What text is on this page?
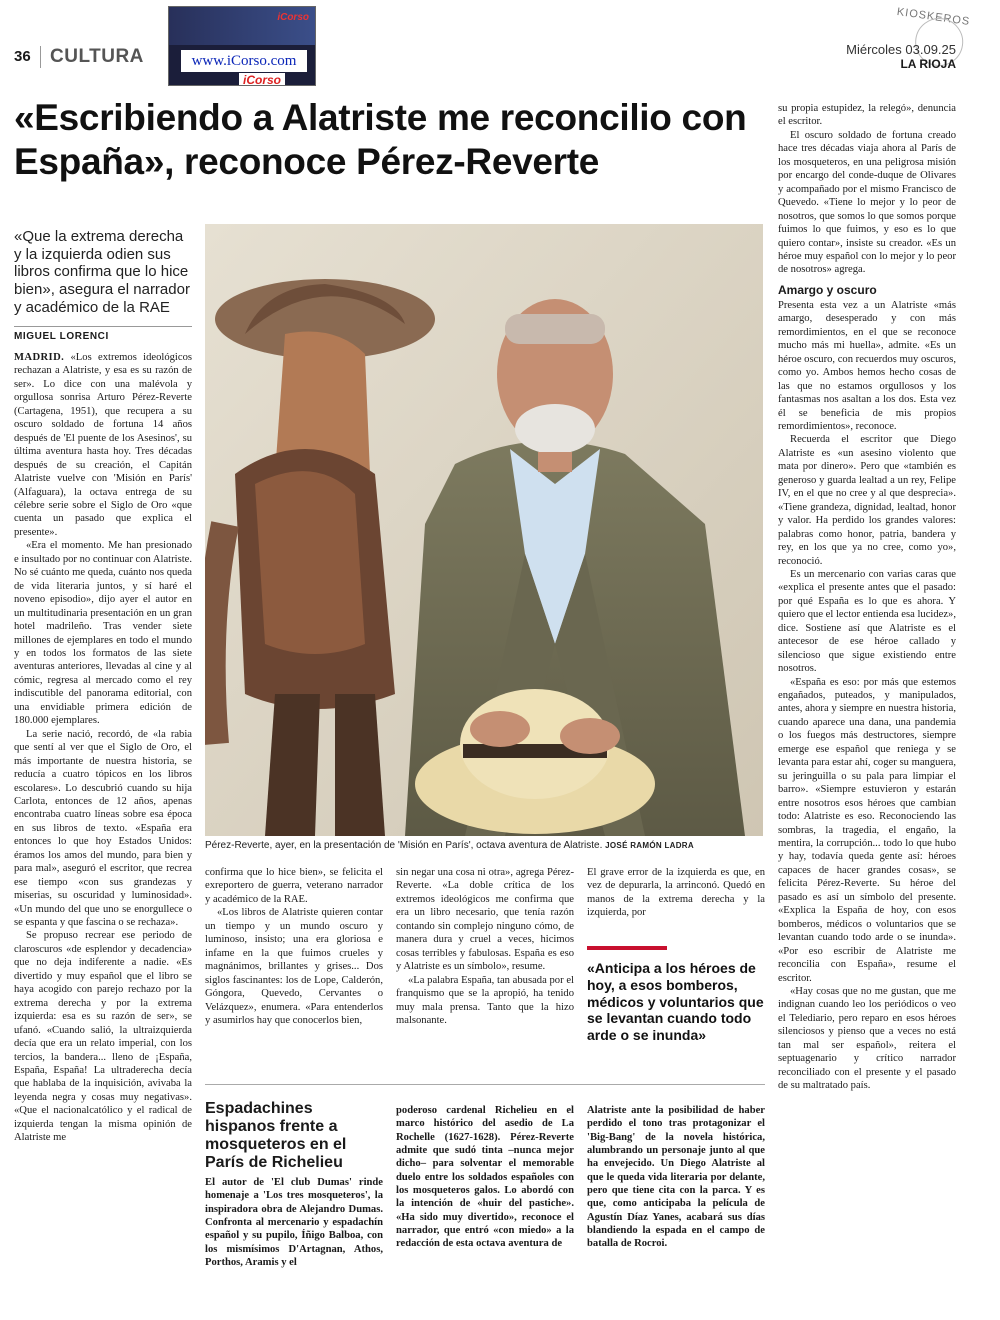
36 CULTURA
iCorso
www.iCorso.com
iCorso
KIOSKEROS
Miércoles 03.09.25
LA RIOJA
«Escribiendo a Alatriste me reconcilio con España», reconoce Pérez-Reverte
«Que la extrema derecha y la izquierda odien sus libros confirma que lo hice bien», asegura el narrador y académico de la RAE
MIGUEL LORENCI

MADRID. «Los extremos ideológicos rechazan a Alatriste, y esa es su razón de ser». Lo dice con una malévola y orgullosa sonrisa Arturo Pérez-Reverte (Cartagena, 1951), que recupera a su oscuro soldado de fortuna 14 años después de 'El puente de los Asesinos', su última aventura hasta hoy. Tres décadas después de su creación, el Capitán Alatriste vuelve con 'Misión en París' (Alfaguara), la octava entrega de su célebre serie sobre el Siglo de Oro «que cuenta un pasado que explica el presente».

«Era el momento. Me han presionado e insultado por no continuar con Alatriste. No sé cuánto me queda, cuánto nos queda de vida literaria juntos, y sí haré el noveno episodio», dijo ayer el autor en un multitudinaria presentación en un gran hotel madrileño. Tras vender siete millones de ejemplares en todo el mundo y en todos los formatos de las siete aventuras anteriores, llevadas al cine y al cómic, regresa al mercado como el rey indiscutible del panorama editorial, con una envidiable primera edición de 180.000 ejemplares.

La serie nació, recordó, de «la rabia que sentí al ver que el Siglo de Oro, el más importante de nuestra historia, se reducía a cuatro tópicos en los libros escolares». Lo descubrió cuando su hija Carlota, entonces de 12 años, apenas encontraba cuatro líneas sobre esa época en sus libros de texto. «España era entonces lo que hoy Estados Unidos: éramos los amos del mundo, para bien y para mal», aseguró el escritor, que recrea ese tiempo «con sus grandezas y miserias, su oscuridad y luminosidad». «Un mundo del que uno se enorgullece o se espanta y que fascina o se rechaza».

Se propuso recrear ese periodo de claroscuros «de esplendor y decadencia» que no deja indiferente a nadie. «Es divertido y muy español que el libro se haya acogido con parejo rechazo por la extrema derecha y por la extrema izquierda: esa es su razón de ser», se ufanó. «Cuando salió, la ultraizquierda decía que era un relato imperial, con los tercios, la bandera... lleno de ¡España, España, España! La ultraderecha decía que hablaba de la inquisición, avivaba la leyenda negra y cosas muy negativas». «Que el nacionalcatólico y el radical de izquierda tengan la misma opinión de Alatriste me

Pérez-Reverte, ayer, en la presentación de 'Misión en París', octava aventura de Alatriste. JOSÉ RAMÓN LADRA

confirma que lo hice bien», se felicita el exreportero de guerra, veterano narrador y académico de la RAE.

«Los libros de Alatriste quieren contar un tiempo y un mundo oscuro y luminoso, insisto; una era gloriosa e infame en la que fuimos crueles y magnánimos, brillantes y grises... Dos siglos fascinantes: los de Lope, Calderón, Góngora, Quevedo, Cervantes o Velázquez», enumera. «Para entenderlos y asumirlos hay que conocerlos bien,

sin negar una cosa ni otra», agrega Pérez-Reverte. «La doble crítica de los extremos ideológicos me confirma que era un libro necesario, que tenía razón contando sin complejo ninguno cómo, de manera dura y cruel a veces, hicimos cosas terribles y fabulosas. España es eso y Alatriste es un símbolo», resume.

«La palabra España, tan abusada por el franquismo que se la apropió, ha tenido muy mala prensa. Tanto que la hizo malsonante.

El grave error de la izquierda es que, en vez de depurarla, la arrinconó. Quedó en manos de la extrema derecha y la izquierda, por

«Anticipa a los héroes de hoy, a esos bomberos, médicos y voluntarios que se levantan cuando todo arde o se inunda»

su propia estupidez, la relegó», denuncia el escritor.

El oscuro soldado de fortuna creado hace tres décadas viaja ahora al París de los mosqueteros, en una peligrosa misión por encargo del conde-duque de Olivares y acompañado por el mismo Francisco de Quevedo. «Tiene lo mejor y lo peor de nosotros, que somos lo que somos porque fuimos lo que fuimos, y eso es lo que quiero contar», insiste su creador. «Es un héroe muy español con lo mejor y lo peor de nosotros» agrega.

Amargo y oscuro

Presenta esta vez a un Alatriste «más amargo, desesperado y con más remordimientos, en el que se reconoce mucho más mi huella», admite. «Es un héroe oscuro, con recuerdos muy oscuros, como yo. Ambos hemos hecho cosas de las que no estamos orgullosos y los fantasmas nos asaltan a los dos. Esta vez él se beneficia de mis propios remordimientos», reconoce.

Recuerda el escritor que Diego Alatriste es «un asesino violento que mata por dinero». Pero que «también es generoso y guarda lealtad a un rey, Felipe IV, en el que no cree y al que desprecia». «Tiene grandeza, dignidad, lealtad, honor y valor. Ha perdido los grandes valores: palabras como honor, patria, bandera y rey, en los que ya no cree, como yo», reconoció.

Es un mercenario con varias caras que «explica el presente antes que el pasado: por qué España es lo que es ahora. Y quiero que el lector entienda esa lucidez», dice. Sostiene así que Alatriste es el antecesor de ese héroe callado y silencioso que sigue existiendo entre nosotros.

«España es eso: por más que estemos engañados, puteados, y manipulados, antes, ahora y siempre en nuestra historia, cuando aparece una dana, una pandemia o los fuegos más destructores, siempre emerge ese español que reniega y se levanta para estar ahí, coger su manguera, su jeringuilla o su pala para limpiar el barro». «Siempre estuvieron y estarán entre nosotros esos héroes que cambian todo: Alatriste es eso. Reconociendo las sombras, la tragedia, el engaño, la mentira, la corrupción... todo lo que hubo y hay, todavía queda gente así: héroes capaces de hacer grandes cosas», se felicita Pérez-Reverte. Su héroe del pasado es así un símbolo del presente. «Explica la España de hoy, con esos bomberos, médicos o voluntarios que se levantan cuando todo arde o se inunda». «Por eso escribir de Alatriste me reconcilia con España», resume el escritor.

«Hay cosas que no me gustan, que me indignan cuando leo los periódicos o veo el Telediario, pero reparo en esos héroes silenciosos y pienso que a veces no está tan mal ser español», reitera el septuagenario y crítico narrador reconciliado con el presente y el pasado de su maltratado país.

Espadachines hispanos frente a mosqueteros en el París de Richelieu

El autor de 'El club Dumas' rinde homenaje a 'Los tres mosqueteros', la inspiradora obra de Alejandro Dumas. Confronta al mercenario y espadachín español y su pupilo, Íñigo Balboa, con los mismísimos D'Artagnan, Athos, Porthos, Aramis y el

poderoso cardenal Richelieu en el marco histórico del asedio de La Rochelle (1627-1628). Pérez-Reverte admite que sudó tinta –nunca mejor dicho– para solventar el memorable duelo entre los soldados españoles con los mosqueteros galos. Lo abordó con la intención de «huir del pastiche». «Ha sido muy divertido», reconoce el narrador, que entró «con miedo» a la redacción de esta octava aventura de

Alatriste ante la posibilidad de haber perdido el tono tras protagonizar el 'Big-Bang' de la novela histórica, alumbrando un personaje junto al que ha envejecido. Un Diego Alatriste al que le queda vida literaria por delante, pero que tiene cita con la parca. Y es que, como anticipaba la película de Agustín Díaz Yanes, acabará sus días blandiendo la espada en el campo de batalla de Rocroi.
